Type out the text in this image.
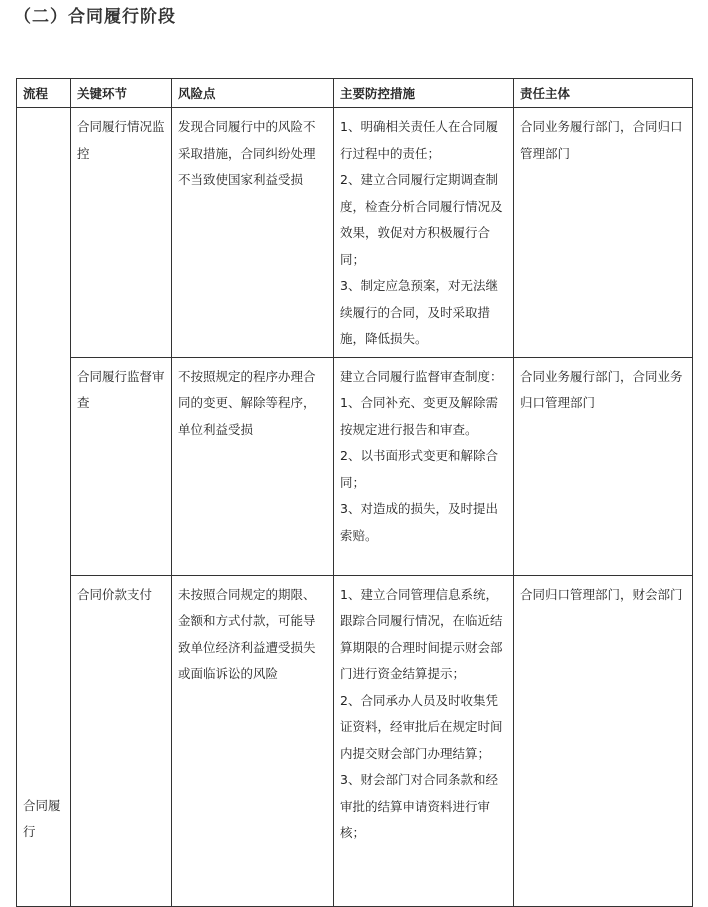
（二）合同履行阶段
流程	关键环节	风险点	主要防控措施	责任主体
合同履行	合同履行情况监控	发现合同履行中的风险不采取措施，合同纠纷处理不当致使国家利益受损	1、明确相关责任人在合同履行过程中的责任；
2、建立合同履行定期调查制度，检查分析合同履行情况及效果，敦促对方积极履行合同；
3、制定应急预案，对无法继续履行的合同，及时采取措施，降低损失。	合同业务履行部门，合同归口管理部门
	合同履行监督审查	不按照规定的程序办理合同的变更、解除等程序，单位利益受损	建立合同履行监督审查制度：
1、合同补充、变更及解除需按规定进行报告和审查。
2、以书面形式变更和解除合同；
3、对造成的损失，及时提出索赔。	合同业务履行部门，合同业务归口管理部门
	合同价款支付	未按照合同规定的期限、金额和方式付款，可能导致单位经济利益遭受损失或面临诉讼的风险	1、建立合同管理信息系统，跟踪合同履行情况，在临近结算期限的合理时间提示财会部门进行资金结算提示；
2、合同承办人员及时收集凭证资料，经审批后在规定时间内提交财会部门办理结算；
3、财会部门对合同条款和经审批的结算申请资料进行审核；	合同归口管理部门，财会部门
